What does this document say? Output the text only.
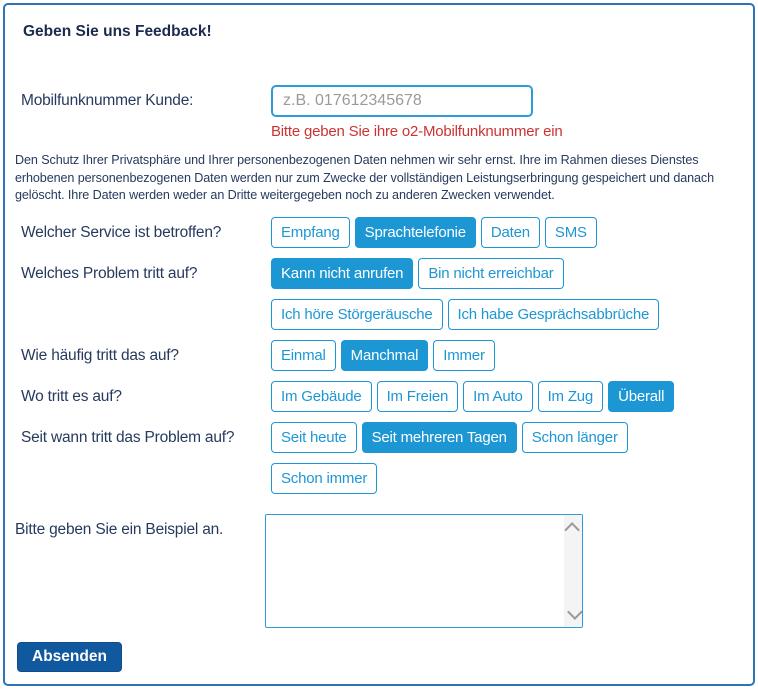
Geben Sie uns Feedback!
Mobilfunknummer Kunde:
z.B. 017612345678
Bitte geben Sie ihre o2-Mobilfunknummer ein

Den Schutz Ihrer Privatsphäre und Ihrer personenbezogenen Daten nehmen wir sehr ernst. Ihre im Rahmen dieses Dienstes erhobenen personenbezogenen Daten werden nur zum Zwecke der vollständigen Leistungserbringung gespeichert und danach gelöscht. Ihre Daten werden weder an Dritte weitergegeben noch zu anderen Zwecken verwendet.

Welcher Service ist betroffen?	Empfang	Sprachtelefonie	Daten	SMS
Welches Problem tritt auf?	Kann nicht anrufen	Bin nicht erreichbar
Ich höre Störgeräusche	Ich habe Gesprächsabbrüche
Wie häufig tritt das auf?	Einmal	Manchmal	Immer
Wo tritt es auf?	Im Gebäude	Im Freien	Im Auto	Im Zug	Überall
Seit wann tritt das Problem auf?	Seit heute	Seit mehreren Tagen	Schon länger
Schon immer
Bitte geben Sie ein Beispiel an.
Absenden
